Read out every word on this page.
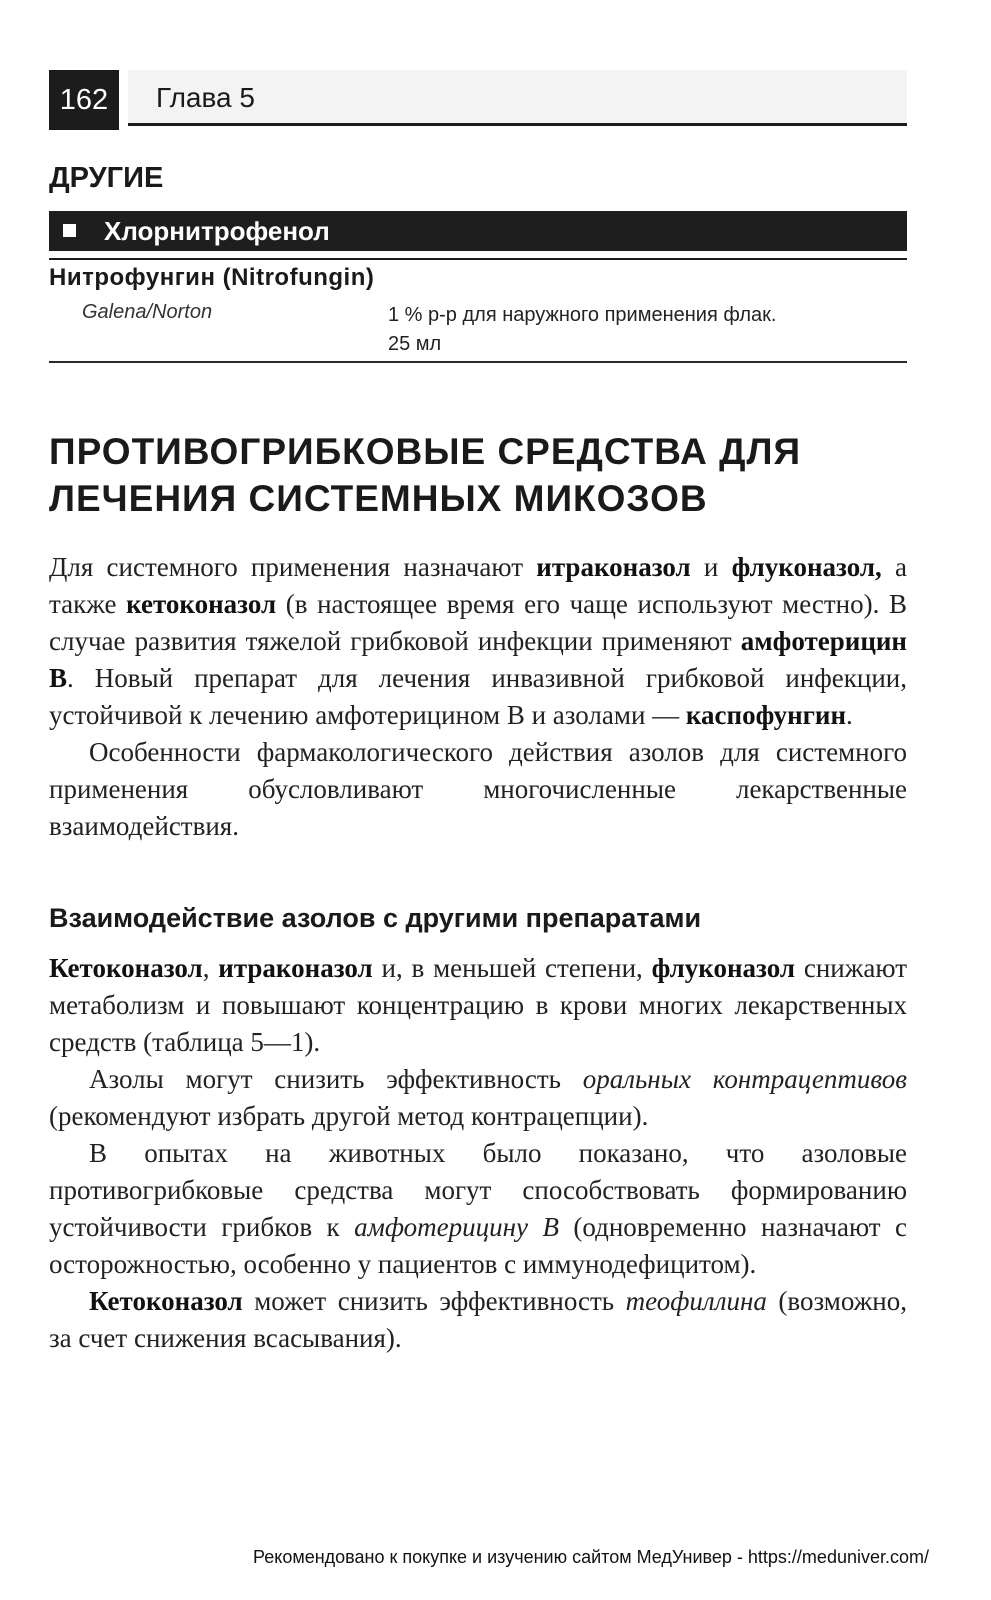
162	Глава 5
ДРУГИЕ
Хлорнитрофенол
Нитрофунгин (Nitrofungin)
Galena/Norton	1 % р-р для наружного применения флак.
25 мл
ПРОТИВОГРИБКОВЫЕ СРЕДСТВА ДЛЯ
ЛЕЧЕНИЯ СИСТЕМНЫХ МИКОЗОВ

Для системного применения назначают итраконазол и флуконазол, а также кетоконазол (в настоящее время его чаще используют местно). В случае развития тяжелой грибковой инфекции применяют амфотерицин В. Новый препарат для лечения инвазивной грибковой инфекции, устойчивой к лечению амфотерицином В и азолами — каспофунгин.

Особенности фармакологического действия азолов для системного применения обусловливают многочисленные лекарственные взаимодействия.

Взаимодействие азолов с другими препаратами

Кетоконазол, итраконазол и, в меньшей степени, флуконазол снижают метаболизм и повышают концентрацию в крови многих лекарственных средств (таблица 5—1).

Азолы могут снизить эффективность оральных контрацептивов (рекомендуют избрать другой метод контрацепции).

В опытах на животных было показано, что азоловые противогрибковые средства могут способствовать формированию устойчивости грибков к амфотерицину В (одновременно назначают с осторожностью, особенно у пациентов с иммунодефицитом).

Кетоконазол может снизить эффективность теофиллина (возможно, за счет снижения всасывания).

Рекомендовано к покупке и изучению сайтом МедУнивер - https://meduniver.com/
